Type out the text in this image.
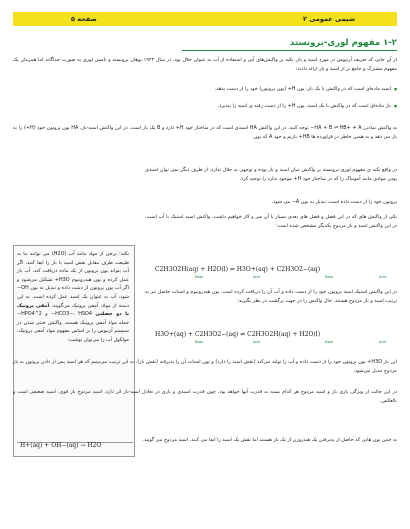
صفحه ۵	شیمی عمومی ۲
۱-۲ مفهوم لوری-برونستد
از آن جایی که تعریف آرنیوس در مورد اسید و باز، تکیه بر واکنش‌های آبی و استفاده از آب به عنوان حلال بود، در سال ۱۹۲۳ یوهان برونستد و تامس لوری به صورت جداگانه اما همزمان یک مفهوم مشترک و جامع تر از اسید و باز ارائه دادند:
● اسید ماده‌ای است که در واکنش با یک باز، یون H+ (یون پروتون) خود را از دست بدهد.
● باز ماده‌ای است که در واکنش با یک اسید، یون H+ را از دست رفته ی اسید را بپذیرد.
به واکنش نمادین HA + B ⇌ HB+ + A− توجه کنید. در این واکنش HA اسیدی است که در ساختار خود H+ دارد و B یک باز است. در این واکنش اسید-باز، HA یون پروتون خود (H+) را به باز می دهد و به همین خاطر در فراورده ها HB+ بازیم و خود A که یون
پروتون خود را از دست داده است، تبدیل به یون A− می شود.
نکته: برخی از مواد مانند آب (H2O) می توانند بنا به طبیعت طرف مقابل نقش اسید یا باز را ایفا کنند. اگر آب بتواند یون پروتون از یک ماده دریافت کند، آب باز عمل کرده و یون هیدرونیوم H3O+ تشکیل می‌شود و اگر آب یون پروتون از دست داده و تبدیل به یون OH− شود، آب به عنوان یک اسید عمل کرده است. به این دسته از مواد، آمفی پروتیک می‌گویند. آمفی پروتیک یا دو خصلتی HCO3−، HSO4− و HPO4^2− جمله مواد آمفی پروتیک هستند. واکنش خنثی شدن در سیستم آرنیوس را بر اساس مفهوم مواد آمفی پروتیک، مولکول آب را می‌توان نوشت:
H+(aq) + OH−(aq) → H2O
در واقع تکیه ی مفهوم لوری-برونستد بر واکنش میان اسید و باز بوده و توجهی به حلال ندارد. از طرف دیگر نمی توان اسیدی بودن موادی مانند آمونیاک را که در ساختار خود H+ موجود ندارد را توجیه کرد.
یکی از واکنش های که در این فصل و فصل های بعدی بسیار با آن سر و کار خواهیم داشت، واکنش اسید استیک با آب است. در این واکنش اسید و باز مزدوج یکدیگر مشخص شده است:
C2H3O2H(aq) + H2O(l) ⇌ H3O+(aq) + C2H3O2−(aq)
Acid
Base
Acid
Base
در این واکنش استیک اسید پروتون خود را از دست داده و آب آن را دریافت کرده است. یون هیدرونیوم و استات حاصل نیز به ترتیب اسید و باز مزدوج هستند. حال واکنش را در جهت برگشت در نظر بگیرید:
H3O+(aq) + C2H3O2−(aq) ⇌ C2H3O2H(aq) + H2O(l)
Acid
Base
Acid
Base
این بار H3O+ یون پروتون خود را از دست داده و آب را تولید می‌کند (نقش اسید را دارد) و یون استات آن را پذیرفته (نقش باز). به این ترتیب می‌بینیم که هر اسید پس از دادن پروتون به باز مزدوج تبدیل می‌شود.
در این حالت از ویژگی بازی باز و اسید مزدوج هر کدام بسته به قدرت آنها خواهد بود. چون قدرت اسیدی و بازی در تعادل اسید-باز اثر دارد، اسید مزدوج باز قوی، اسید ضعیفی است و بالعکس.
به چنین یون هایی که حاصل از پذیرفتن یک هیدروژن از یک باز هستند اما نقش یک اسید را ایفا می کنند، اسید مزدوج می گویند.
